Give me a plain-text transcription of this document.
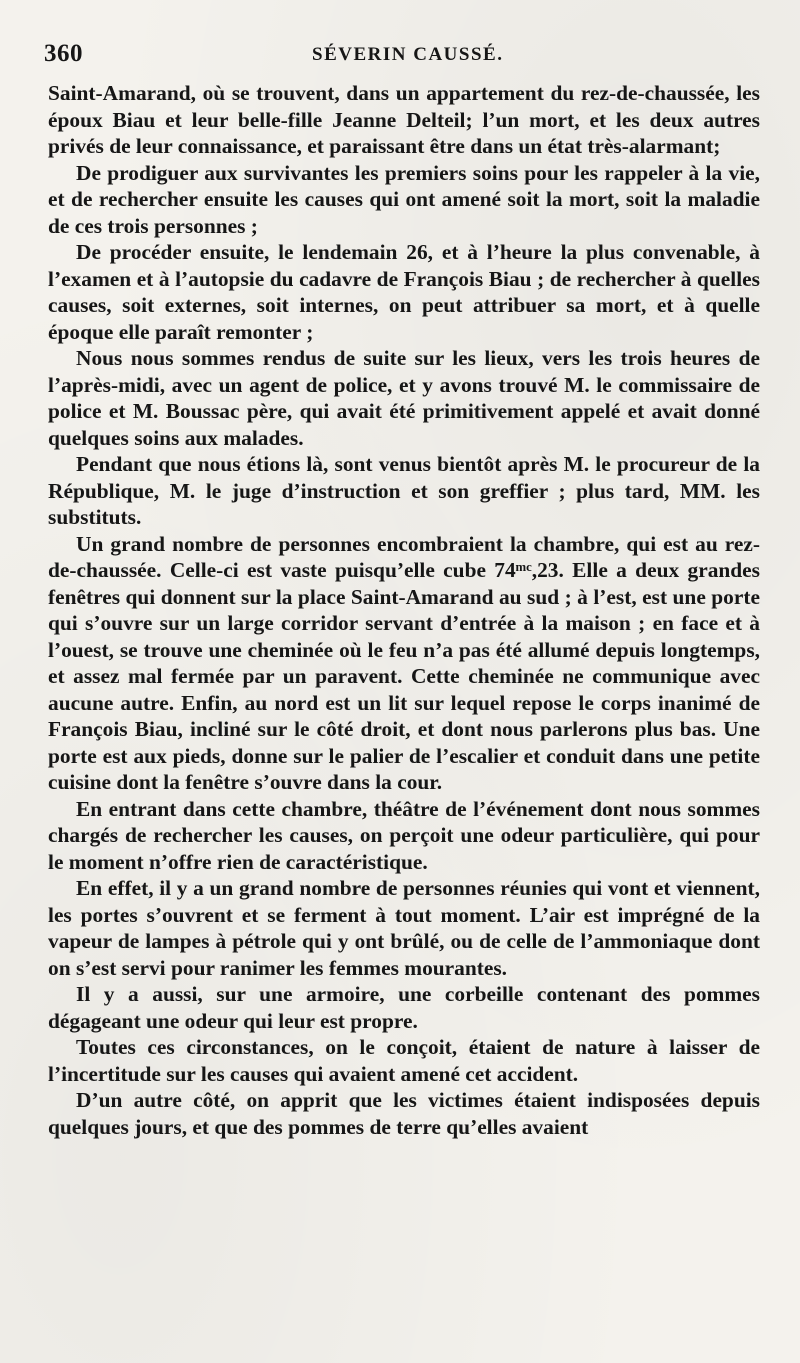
360	SÉVERIN CAUSSÉ.

Saint-Amarand, où se trouvent, dans un appartement du rez-de-chaussée, les époux Biau et leur belle-fille Jeanne Delteil; l’un mort, et les deux autres privés de leur connaissance, et paraissant être dans un état très-alarmant;

De prodiguer aux survivantes les premiers soins pour les rappeler à la vie, et de rechercher ensuite les causes qui ont amené soit la mort, soit la maladie de ces trois personnes ;

De procéder ensuite, le lendemain 26, et à l’heure la plus convenable, à l’examen et à l’autopsie du cadavre de François Biau ; de rechercher à quelles causes, soit externes, soit internes, on peut attribuer sa mort, et à quelle époque elle paraît remonter ;

Nous nous sommes rendus de suite sur les lieux, vers les trois heures de l’après-midi, avec un agent de police, et y avons trouvé M. le commissaire de police et M. Boussac père, qui avait été primitivement appelé et avait donné quelques soins aux malades.

Pendant que nous étions là, sont venus bientôt après M. le procureur de la République, M. le juge d’instruction et son greffier ; plus tard, MM. les substituts.

Un grand nombre de personnes encombraient la chambre, qui est au rez-de-chaussée. Celle-ci est vaste puisqu’elle cube 74ᵐᶜ,23. Elle a deux grandes fenêtres qui donnent sur la place Saint-Amarand au sud ; à l’est, est une porte qui s’ouvre sur un large corridor servant d’entrée à la maison ; en face et à l’ouest, se trouve une cheminée où le feu n’a pas été allumé depuis longtemps, et assez mal fermée par un paravent. Cette cheminée ne communique avec aucune autre. Enfin, au nord est un lit sur lequel repose le corps inanimé de François Biau, incliné sur le côté droit, et dont nous parlerons plus bas. Une porte est aux pieds, donne sur le palier de l’escalier et conduit dans une petite cuisine dont la fenêtre s’ouvre dans la cour.

En entrant dans cette chambre, théâtre de l’événement dont nous sommes chargés de rechercher les causes, on perçoit une odeur particulière, qui pour le moment n’offre rien de caractéristique.

En effet, il y a un grand nombre de personnes réunies qui vont et viennent, les portes s’ouvrent et se ferment à tout moment. L’air est imprégné de la vapeur de lampes à pétrole qui y ont brûlé, ou de celle de l’ammoniaque dont on s’est servi pour ranimer les femmes mourantes.

Il y a aussi, sur une armoire, une corbeille contenant des pommes dégageant une odeur qui leur est propre.

Toutes ces circonstances, on le conçoit, étaient de nature à laisser de l’incertitude sur les causes qui avaient amené cet accident.

D’un autre côté, on apprit que les victimes étaient indisposées depuis quelques jours, et que des pommes de terre qu’elles avaient
